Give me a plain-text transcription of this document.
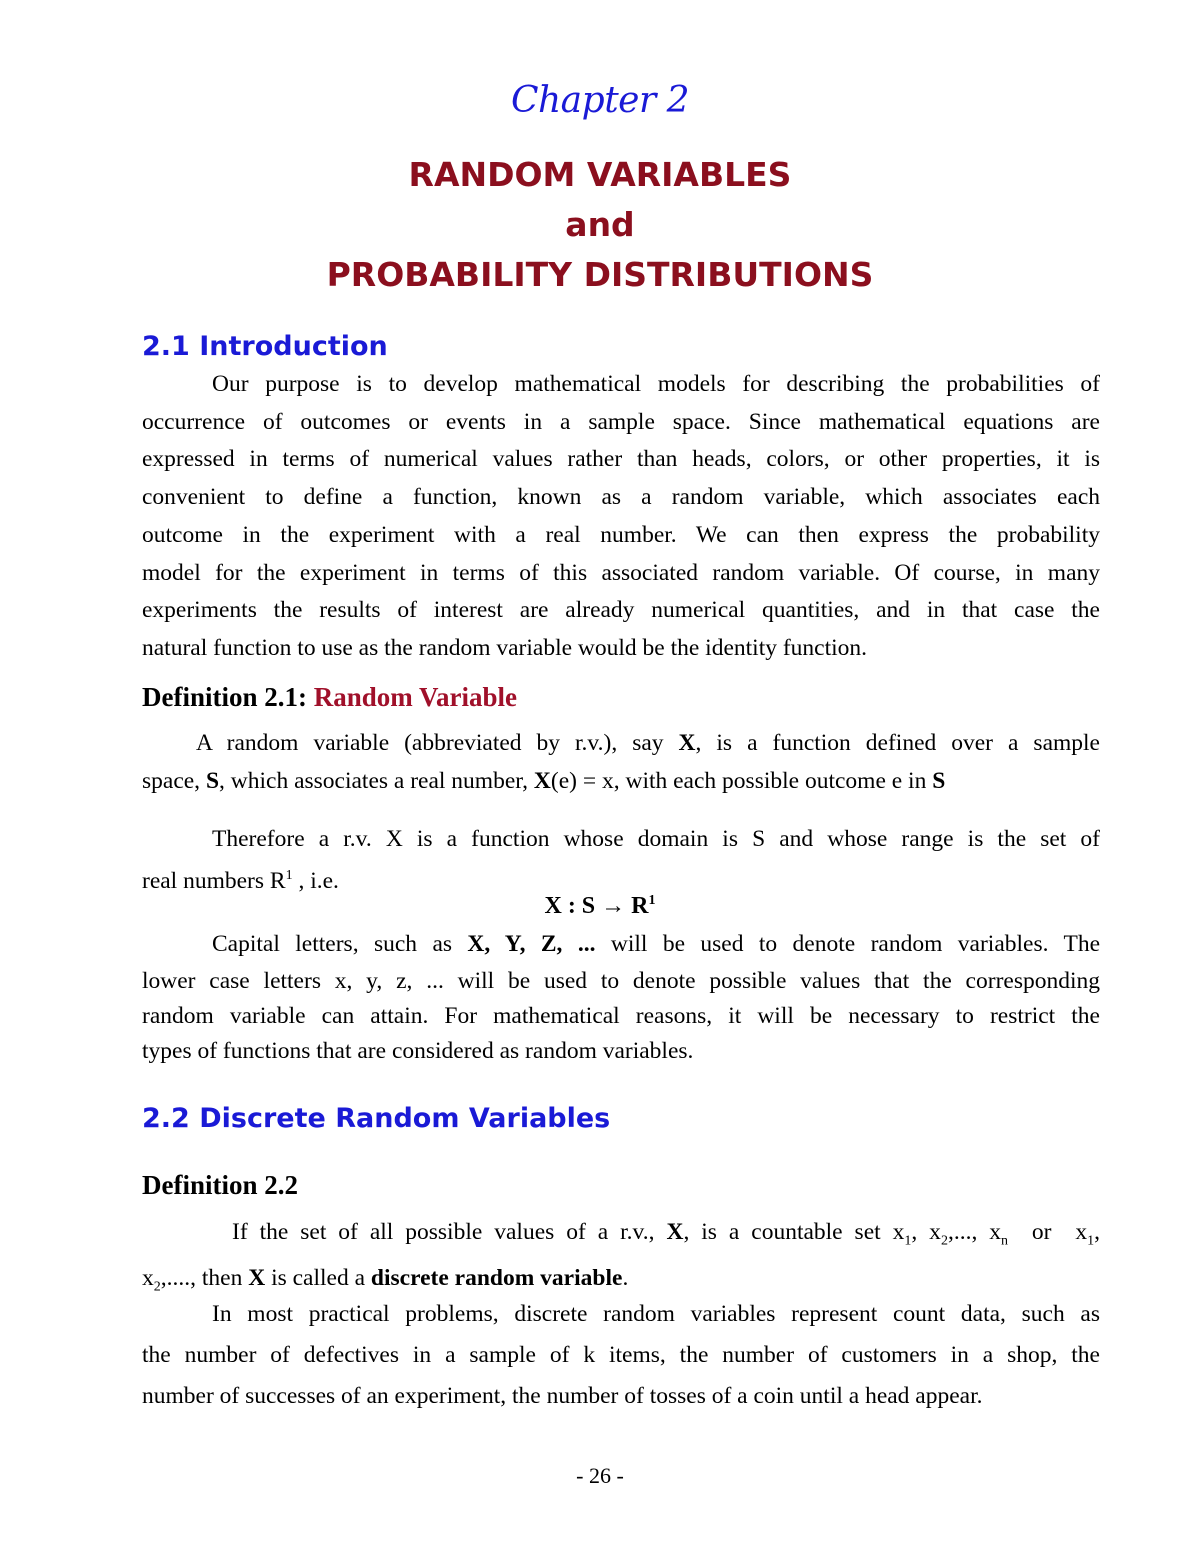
Chapter 2
RANDOM VARIABLES
and
PROBABILITY DISTRIBUTIONS
2.1 Introduction
Our purpose is to develop mathematical models for describing the probabilities of
occurrence of outcomes or events in a sample space. Since mathematical equations are
expressed in terms of numerical values rather than heads, colors, or other properties, it is
convenient to define a function, known as a random variable, which associates each
outcome in the experiment with a real number. We can then express the probability
model for the experiment in terms of this associated random variable. Of course, in many
experiments the results of interest are already numerical quantities, and in that case the
natural function to use as the random variable would be the identity function.
Definition 2.1: Random Variable
A random variable (abbreviated by r.v.), say X, is a function defined over a sample
space, S, which associates a real number, X(e) = x, with each possible outcome e in S
Therefore a r.v. X is a function whose domain is S and whose range is the set of
real numbers $R^1$ , i.e.
X : $S \to R^1$
Capital letters, such as X, Y, Z, ... will be used to denote random variables. The
lower case letters x, y, z, ... will be used to denote possible values that the corresponding
random variable can attain. For mathematical reasons, it will be necessary to restrict the
types of functions that are considered as random variables.
2.2 Discrete Random Variables
Definition 2.2
If the set of all possible values of a r.v., X, is a countable set $x_1$, $x_2$,..., $x_n$  or  $x_1$,
$x_2$,...., then X is called a discrete random variable.
In most practical problems, discrete random variables represent count data, such as
the number of defectives in a sample of k items, the number of customers in a shop, the
number of successes of an experiment, the number of tosses of a coin until a head appear.
- 26 -
